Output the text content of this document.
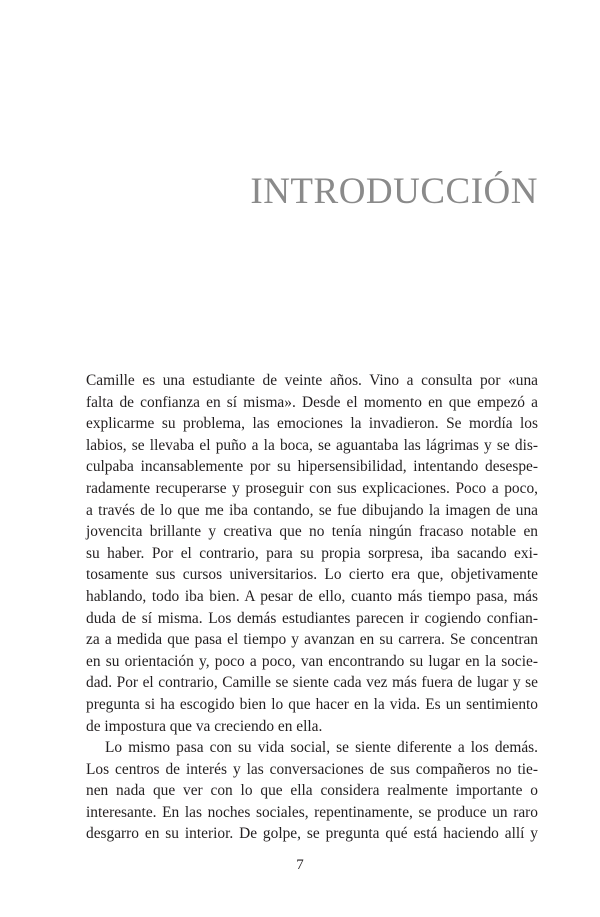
INTRODUCCIÓN
Camille es una estudiante de veinte años. Vino a consulta por «una
falta de confianza en sí misma». Desde el momento en que empezó a
explicarme su problema, las emociones la invadieron. Se mordía los
labios, se llevaba el puño a la boca, se aguantaba las lágrimas y se dis-
culpaba incansablemente por su hipersensibilidad, intentando desespe-
radamente recuperarse y proseguir con sus explicaciones. Poco a poco,
a través de lo que me iba contando, se fue dibujando la imagen de una
jovencita brillante y creativa que no tenía ningún fracaso notable en
su haber. Por el contrario, para su propia sorpresa, iba sacando exi-
tosamente sus cursos universitarios. Lo cierto era que, objetivamente
hablando, todo iba bien. A pesar de ello, cuanto más tiempo pasa, más
duda de sí misma. Los demás estudiantes parecen ir cogiendo confian-
za a medida que pasa el tiempo y avanzan en su carrera. Se concentran
en su orientación y, poco a poco, van encontrando su lugar en la socie-
dad. Por el contrario, Camille se siente cada vez más fuera de lugar y se
pregunta si ha escogido bien lo que hacer en la vida. Es un sentimiento
de impostura que va creciendo en ella.
Lo mismo pasa con su vida social, se siente diferente a los demás.
Los centros de interés y las conversaciones de sus compañeros no tie-
nen nada que ver con lo que ella considera realmente importante o
interesante. En las noches sociales, repentinamente, se produce un raro
desgarro en su interior. De golpe, se pregunta qué está haciendo allí y
7
